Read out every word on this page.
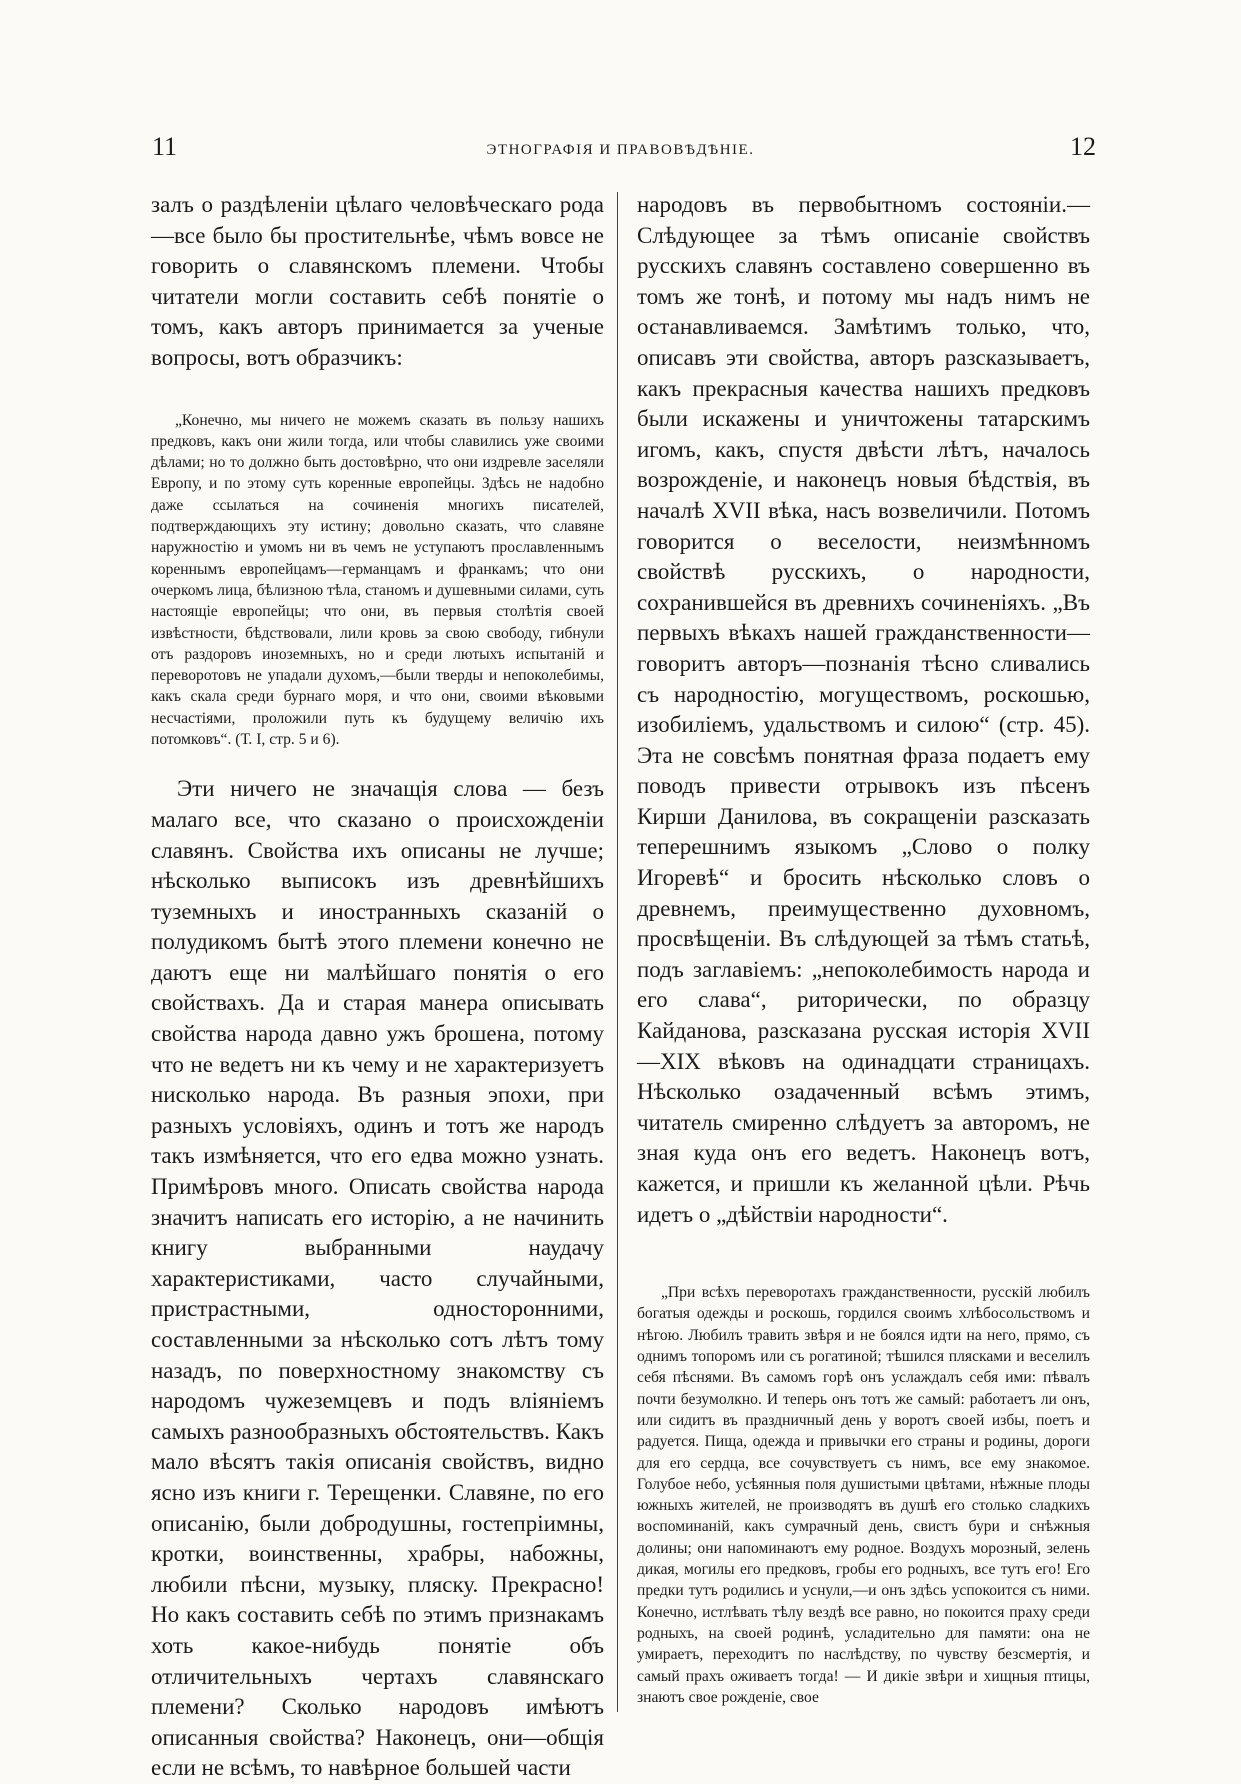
11	ЭТНОГРАФІЯ И ПРАВОВѢДѢНІЕ.	12

залъ о раздѣленіи цѣлаго человѣческаго рода —все было бы простительнѣе, чѣмъ вовсе не говорить о славянскомъ племени. Чтобы читатели могли составить себѣ понятіе о томъ, какъ авторъ принимается за ученые вопросы, вотъ образчикъ:

„Конечно, мы ничего не можемъ сказать въ пользу нашихъ предковъ, какъ они жили тогда, или чтобы славились уже своими дѣлами; но то должно быть достовѣрно, что они издревле заселяли Европу, и по этому суть коренные европейцы. Здѣсь не надобно даже ссылаться на сочиненія многихъ писателей, подтверждающихъ эту истину; довольно сказать, что славяне наружностію и умомъ ни въ чемъ не уступаютъ прославленнымъ кореннымъ европейцамъ—германцамъ и франкамъ; что они очеркомъ лица, бѣлизною тѣла, станомъ и душевными силами, суть настоящіе европейцы; что они, въ первыя столѣтія своей извѣстности, бѣдствовали, лили кровь за свою свободу, гибнули отъ раздоровъ иноземныхъ, но и среди лютыхъ испытаній и переворотовъ не упадали духомъ,—были тверды и непоколебимы, какъ скала среди бурнаго моря, и что они, своими вѣковыми несчастіями, проложили путь къ будущему величію ихъ потомковъ“. (Т. I, стр. 5 и 6).

Эти ничего не значащія слова — безъ малаго все, что сказано о происхожденіи славянъ. Свойства ихъ описаны не лучше; нѣсколько выписокъ изъ древнѣйшихъ туземныхъ и иностранныхъ сказаній о полудикомъ бытѣ этого племени конечно не даютъ еще ни малѣйшаго понятія о его свойствахъ. Да и старая манера описывать свойства народа давно ужъ брошена, потому что не ведетъ ни къ чему и не характеризуетъ нисколько народа. Въ разныя эпохи, при разныхъ условіяхъ, одинъ и тотъ же народъ такъ измѣняется, что его едва можно узнать. Примѣровъ много. Описать свойства народа значитъ написать его исторію, а не начинить книгу выбранными наудачу характеристиками, часто случайными, пристрастными, односторонними, составленными за нѣсколько сотъ лѣтъ тому назадъ, по поверхностному знакомству съ народомъ чужеземцевъ и подъ вліяніемъ самыхъ разнообразныхъ обстоятельствъ. Какъ мало вѣсятъ такія описанія свойствъ, видно ясно изъ книги г. Терещенки. Славяне, по его описанію, были добродушны, гостепріимны, кротки, воинственны, храбры, набожны, любили пѣсни, музыку, пляску. Прекрасно! Но какъ составить себѣ по этимъ признакамъ хоть какое-нибудь понятіе объ отличительныхъ чертахъ славянскаго племени? Сколько народовъ имѣютъ описанныя свойства? Наконецъ, они—общія если не всѣмъ, то навѣрное большей части

народовъ въ первобытномъ состояніи.—Слѣдующее за тѣмъ описаніе свойствъ русскихъ славянъ составлено совершенно въ томъ же тонѣ, и потому мы надъ нимъ не останавливаемся. Замѣтимъ только, что, описавъ эти свойства, авторъ разсказываетъ, какъ прекрасныя качества нашихъ предковъ были искажены и уничтожены татарскимъ игомъ, какъ, спустя двѣсти лѣтъ, началось возрожденіе, и наконецъ новыя бѣдствія, въ началѣ XVII вѣка, насъ возвеличили. Потомъ говорится о веселости, неизмѣнномъ свойствѣ русскихъ, о народности, сохранившейся въ древнихъ сочиненіяхъ. „Въ первыхъ вѣкахъ нашей гражданственности—говоритъ авторъ—познанія тѣсно сливались съ народностію, могуществомъ, роскошью, изобиліемъ, удальствомъ и силою“ (стр. 45). Эта не совсѣмъ понятная фраза подаетъ ему поводъ привести отрывокъ изъ пѣсенъ Кирши Данилова, въ сокращеніи разсказать теперешнимъ языкомъ „Слово о полку Игоревѣ“ и бросить нѣсколько словъ о древнемъ, преимущественно духовномъ, просвѣщеніи. Въ слѣдующей за тѣмъ статьѣ, подъ заглавіемъ: „непоколебимость народа и его слава“, риторически, по образцу Кайданова, разсказана русская исторія XVII—XIX вѣковъ на одинадцати страницахъ. Нѣсколько озадаченный всѣмъ этимъ, читатель смиренно слѣдуетъ за авторомъ, не зная куда онъ его ведетъ. Наконецъ вотъ, кажется, и пришли къ желанной цѣли. Рѣчь идетъ о „дѣйствіи народности“.

„При всѣхъ переворотахъ гражданственности, русскій любилъ богатыя одежды и роскошь, гордился своимъ хлѣбосольствомъ и нѣгою. Любилъ травить звѣря и не боялся идти на него, прямо, съ однимъ топоромъ или съ рогатиной; тѣшился плясками и веселилъ себя пѣснями. Въ самомъ горѣ онъ услаждалъ себя ими: пѣвалъ почти безумолкно. И теперь онъ тотъ же самый: работаетъ ли онъ, или сидитъ въ праздничный день у воротъ своей избы, поетъ и радуется. Пища, одежда и привычки его страны и родины, дороги для его сердца, все сочувствуетъ съ нимъ, все ему знакомое. Голубое небо, усѣянныя поля душистыми цвѣтами, нѣжные плоды южныхъ жителей, не производятъ въ душѣ его столько сладкихъ воспоминаній, какъ сумрачный день, свистъ бури и снѣжныя долины; они напоминаютъ ему родное. Воздухъ морозный, зелень дикая, могилы его предковъ, гробы его родныхъ, все тутъ его! Его предки тутъ родились и уснули,—и онъ здѣсь успокоится съ ними. Конечно, истлѣвать тѣлу вездѣ все равно, но покоится праху среди родныхъ, на своей родинѣ, усладительно для памяти: она не умираетъ, переходитъ по наслѣдству, по чувству безсмертія, и самый прахъ оживаетъ тогда! — И дикіе звѣри и хищныя птицы, знаютъ свое рожденіе, свое
